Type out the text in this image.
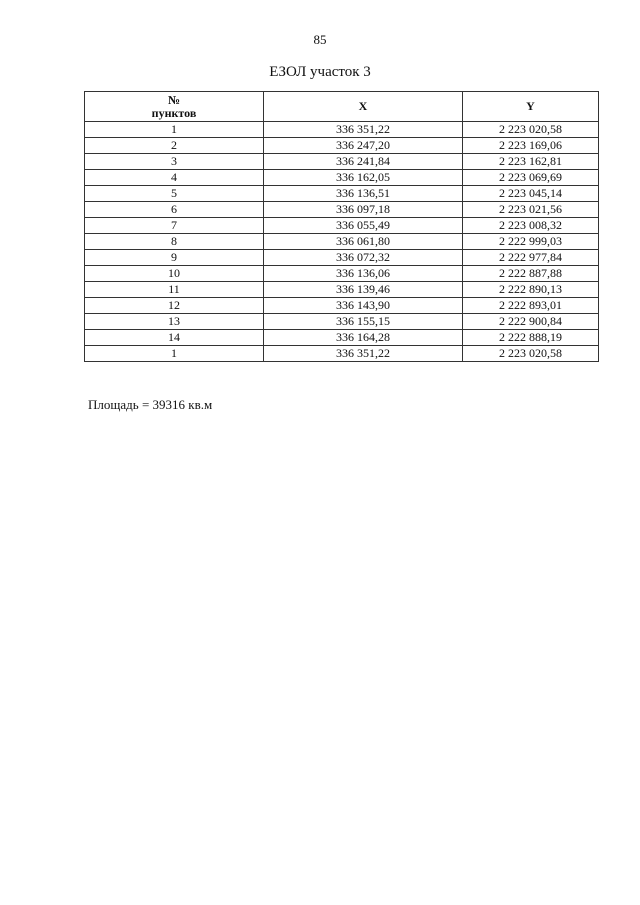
85
ЕЗОЛ участок 3
№
пунктов	X	Y
1	336 351,22	2 223 020,58
2	336 247,20	2 223 169,06
3	336 241,84	2 223 162,81
4	336 162,05	2 223 069,69
5	336 136,51	2 223 045,14
6	336 097,18	2 223 021,56
7	336 055,49	2 223 008,32
8	336 061,80	2 222 999,03
9	336 072,32	2 222 977,84
10	336 136,06	2 222 887,88
11	336 139,46	2 222 890,13
12	336 143,90	2 222 893,01
13	336 155,15	2 222 900,84
14	336 164,28	2 222 888,19
1	336 351,22	2 223 020,58
Площадь = 39316 кв.м
